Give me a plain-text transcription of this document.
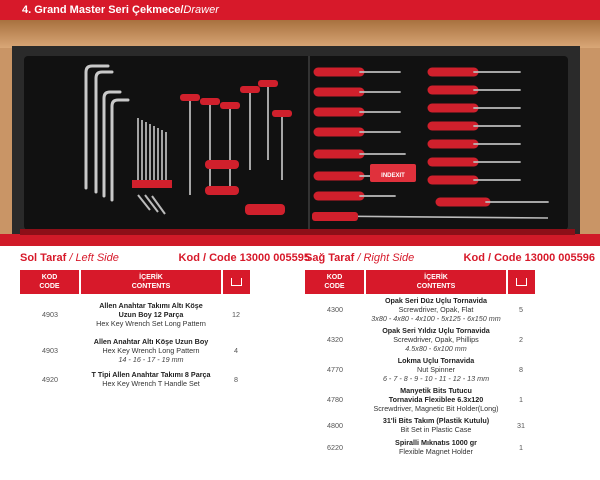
4. Grand Master Seri Çekmece/Drawer
INDEXIT
Sol Taraf / Left Side	Kod / Code 13000 005595
KOD
CODE	İÇERİK
CONTENTS	
4903	Allen Anahtar Takımı Altı Köşe Uzun Boy 12 Parça
Hex Key Wrench Set Long Pattern	12
4903	Allen Anahtar Altı Köşe Uzun Boy
Hex Key Wrench Long Pattern
14 - 16 - 17 - 19 mm	4
4920	T Tipi Allen Anahtar Takımı 8 Parça
Hex Key Wrench T Handle Set	8
Sağ Taraf / Right Side	Kod / Code 13000 005596
KOD
CODE	İÇERİK
CONTENTS	
4300	Opak Seri Düz Uçlu Tornavida
Screwdriver, Opak, Flat
3x80 - 4x80 - 4x100 - 5x125 - 6x150 mm	5
4320	Opak Seri Yıldız Uçlu Tornavida
Screwdriver, Opak, Phillips
4.5x80 - 6x100 mm	2
4770	Lokma Uçlu Tornavida
Nut Spinner
6 - 7 - 8 - 9 - 10 - 11 - 12 - 13 mm	8
4780	Manyetik Bits Tutucu Tornavida Flexiblee 6.3x120
Screwdriver, Magnetic Bit Holder(Long)	1
4800	31'li Bits Takım (Plastik Kutulu)
Bit Set in Plastic Case	31
6220	Spiralli Mıknatıs 1000 gr
Flexible Magnet Holder	1
